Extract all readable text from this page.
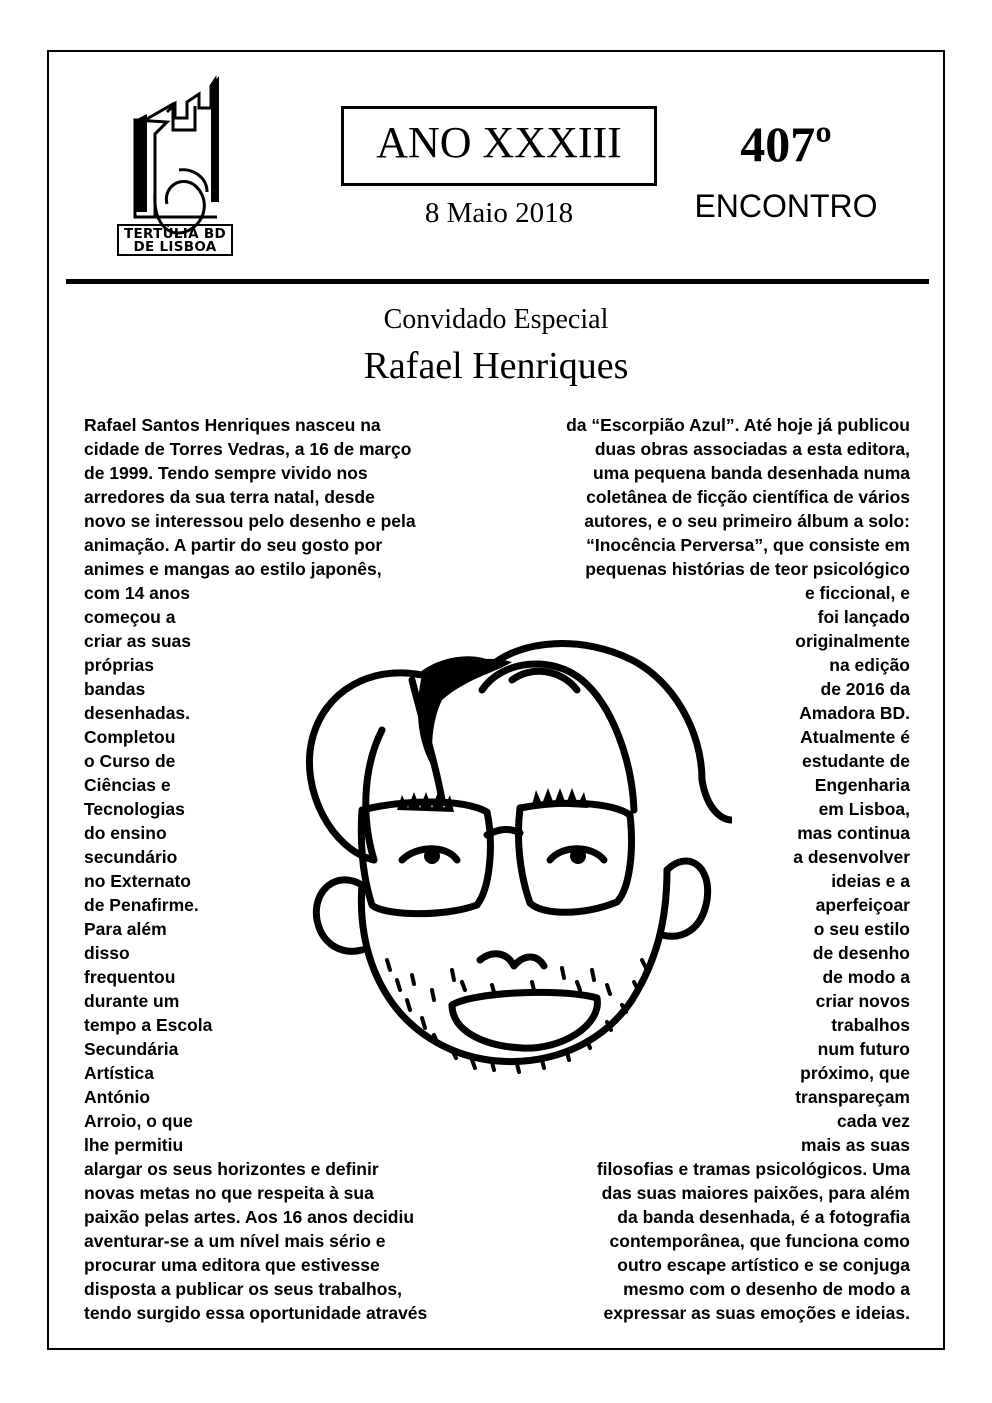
TERTÚLIA BD
DE LISBOA
ANO XXXIII
8 Maio 2018
407º
ENCONTRO
Convidado Especial
Rafael Henriques
Rafael Santos Henriques nasceu na
cidade de Torres Vedras, a 16 de março
de 1999. Tendo sempre vivido nos
arredores da sua terra natal, desde
novo se interessou pelo desenho e pela
animação. A partir do seu gosto por
animes e mangas ao estilo japonês,
com 14 anos
começou a
criar as suas
próprias
bandas
desenhadas.
Completou
o Curso de
Ciências e
Tecnologias
do ensino
secundário
no Externato
de Penafirme.
Para além
disso
frequentou
durante um
tempo a Escola
Secundária
Artística
António
Arroio, o que
lhe permitiu
alargar os seus horizontes e definir
novas metas no que respeita à sua
paixão pelas artes. Aos 16 anos decidiu
aventurar-se a um nível mais sério e
procurar uma editora que estivesse
disposta a publicar os seus trabalhos,
tendo surgido essa oportunidade através
da “Escorpião Azul”. Até hoje já publicou
duas obras associadas a esta editora,
uma pequena banda desenhada numa
coletânea de ficção científica de vários
autores, e o seu primeiro álbum a solo:
“Inocência Perversa”, que consiste em
pequenas histórias de teor psicológico
e ficcional, e
foi lançado
originalmente
na edição
de 2016 da
Amadora BD.
Atualmente é
estudante de
Engenharia
em Lisboa,
mas continua
a desenvolver
ideias e a
aperfeiçoar
o seu estilo
de desenho
de modo a
criar novos
trabalhos
num futuro
próximo, que
transpareçam
cada vez
mais as suas
filosofias e tramas psicológicos. Uma
das suas maiores paixões, para além
da banda desenhada, é a fotografia
contemporânea, que funciona como
outro escape artístico e se conjuga
mesmo com o desenho de modo a
expressar as suas emoções e ideias.
